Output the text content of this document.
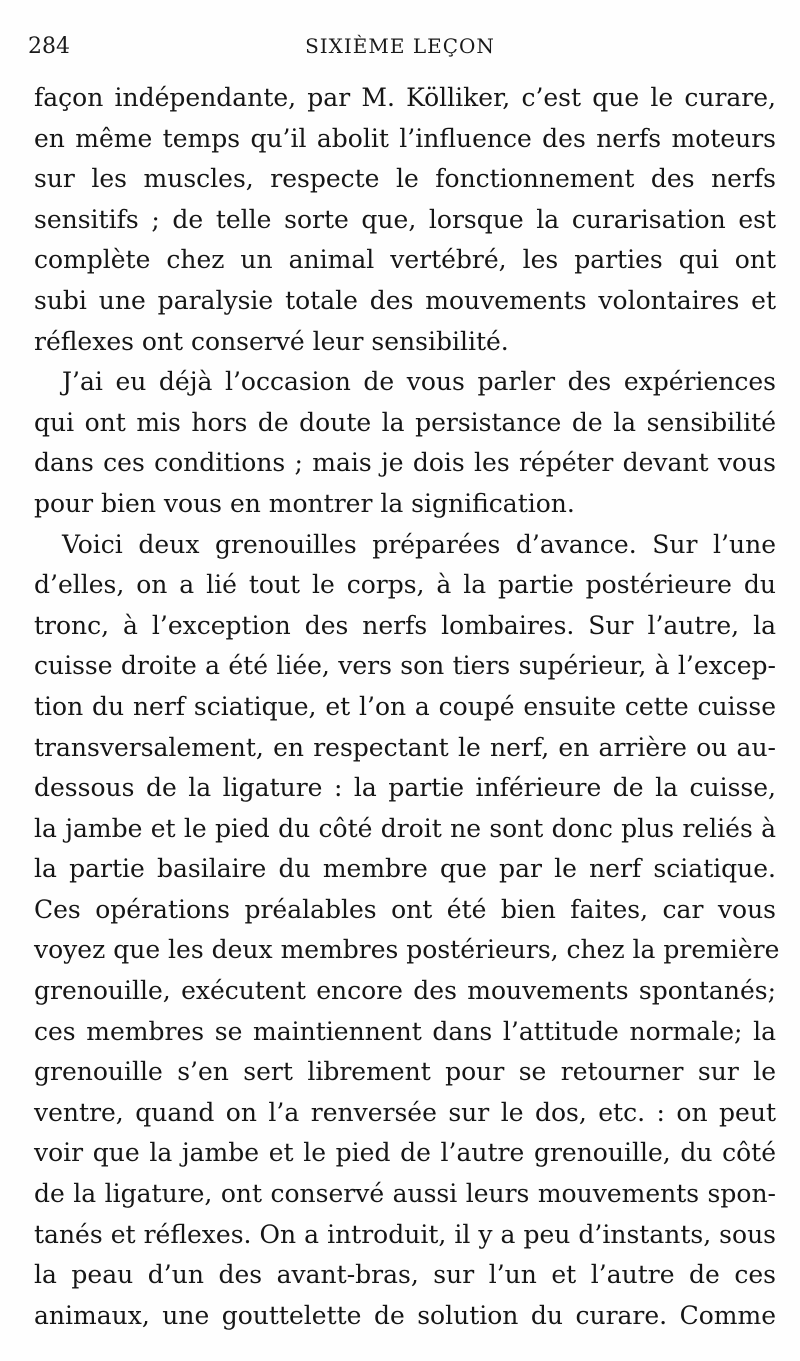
284	SIXIÈME LEÇON
façon indépendante, par M. Kölliker, c’est que le curare,
en même temps qu’il abolit l’influence des nerfs moteurs
sur les muscles, respecte le fonctionnement des nerfs
sensitifs ; de telle sorte que, lorsque la curarisation est
complète chez un animal vertébré, les parties qui ont
subi une paralysie totale des mouvements volontaires et
réflexes ont conservé leur sensibilité.
J’ai eu déjà l’occasion de vous parler des expériences
qui ont mis hors de doute la persistance de la sensibilité
dans ces conditions ; mais je dois les répéter devant vous
pour bien vous en montrer la signification.
Voici deux grenouilles préparées d’avance. Sur l’une
d’elles, on a lié tout le corps, à la partie postérieure du
tronc, à l’exception des nerfs lombaires. Sur l’autre, la
cuisse droite a été liée, vers son tiers supérieur, à l’excep-
tion du nerf sciatique, et l’on a coupé ensuite cette cuisse
transversalement, en respectant le nerf, en arrière ou au-
dessous de la ligature : la partie inférieure de la cuisse,
la jambe et le pied du côté droit ne sont donc plus reliés à
la partie basilaire du membre que par le nerf sciatique.
Ces opérations préalables ont été bien faites, car vous
voyez que les deux membres postérieurs, chez la première
grenouille, exécutent encore des mouvements spontanés;
ces membres se maintiennent dans l’attitude normale; la
grenouille s’en sert librement pour se retourner sur le
ventre, quand on l’a renversée sur le dos, etc. : on peut
voir que la jambe et le pied de l’autre grenouille, du côté
de la ligature, ont conservé aussi leurs mouvements spon-
tanés et réflexes. On a introduit, il y a peu d’instants, sous
la peau d’un des avant-bras, sur l’un et l’autre de ces
animaux, une gouttelette de solution du curare. Comme
